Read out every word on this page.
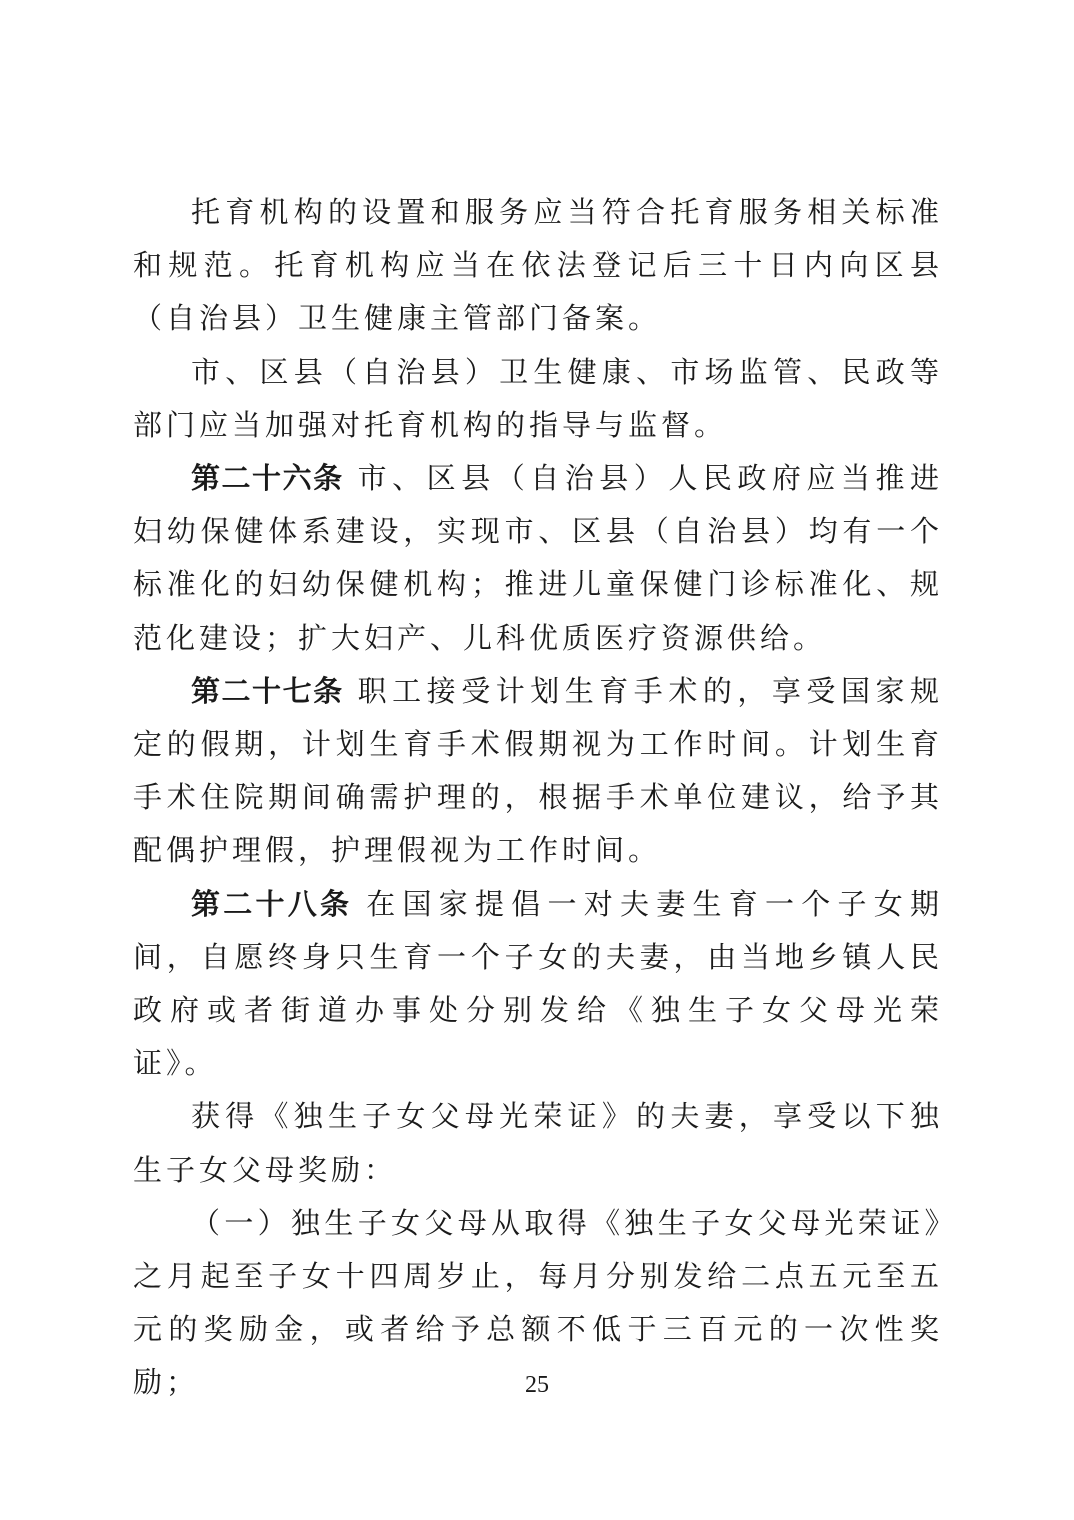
托育机构的设置和服务应当符合托育服务相关标准和规范。托育机构应当在依法登记后三十日内向区县（自治县）卫生健康主管部门备案。

市、区县（自治县）卫生健康、市场监管、民政等部门应当加强对托育机构的指导与监督。

第二十六条 市、区县（自治县）人民政府应当推进妇幼保健体系建设，实现市、区县（自治县）均有一个标准化的妇幼保健机构；推进儿童保健门诊标准化、规范化建设；扩大妇产、儿科优质医疗资源供给。

第二十七条 职工接受计划生育手术的，享受国家规定的假期，计划生育手术假期视为工作时间。计划生育手术住院期间确需护理的，根据手术单位建议，给予其配偶护理假，护理假视为工作时间。

第二十八条 在国家提倡一对夫妻生育一个子女期间，自愿终身只生育一个子女的夫妻，由当地乡镇人民政府或者街道办事处分别发给《独生子女父母光荣证》。

获得《独生子女父母光荣证》的夫妻，享受以下独生子女父母奖励：

（一）独生子女父母从取得《独生子女父母光荣证》之月起至子女十四周岁止，每月分别发给二点五元至五元的奖励金，或者给予总额不低于三百元的一次性奖励；	25
